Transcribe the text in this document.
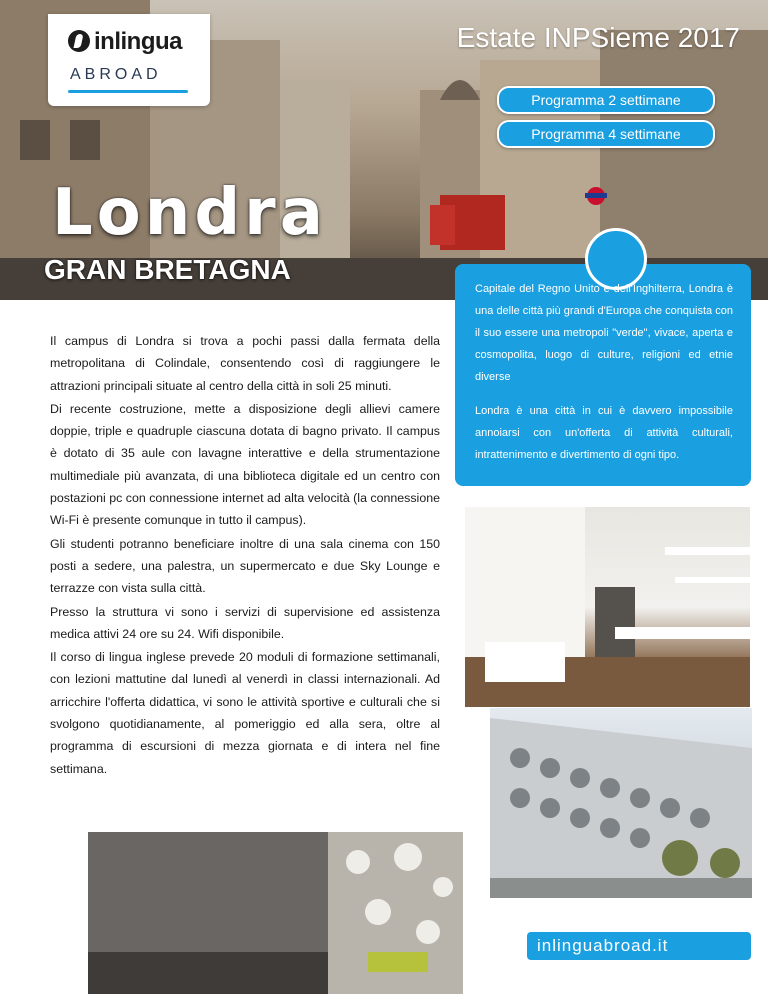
inlingua
ABROAD
Estate INPSieme 2017
Programma 2 settimane
Programma 4 settimane
Londra
GRAN BRETAGNA

Capitale del Regno Unito e dell'Inghilterra, Londra è una delle città più grandi d'Europa che conquista con il suo essere una metropoli "verde", vivace, aperta e cosmopolita, luogo di culture, religioni ed etnie diverse

Londra è una città in cui è davvero impossibile annoiarsi con un'offerta di attività culturali, intrattenimento e divertimento di ogni tipo.

Il campus di Londra si trova a pochi passi dalla fermata della metropolitana di Colindale, consentendo così di raggiungere le attrazioni principali situate al centro della città in soli 25 minuti.

Di recente costruzione, mette a disposizione degli allievi camere doppie, triple e quadruple ciascuna dotata di bagno privato. Il campus è dotato di 35 aule con lavagne interattive e della strumentazione multimediale più avanzata, di una biblioteca digitale ed un centro con postazioni pc con connessione internet ad alta velocità (la connessione Wi-Fi è presente comunque in tutto il campus).

Gli studenti potranno beneficiare inoltre di una sala cinema con 150 posti a sedere, una palestra, un supermercato e due Sky Lounge e terrazze con vista sulla città.

Presso la struttura vi sono i servizi di supervisione ed assistenza medica attivi 24 ore su 24. Wifi disponibile.

Il corso di lingua inglese prevede 20 moduli di formazione settimanali, con lezioni mattutine dal lunedì al venerdì in classi internazionali. Ad arricchire l'offerta didattica, vi sono le attività sportive e culturali che si svolgono quotidianamente, al pomeriggio ed alla sera, oltre al programma di escursioni di mezza giornata e di intera nel fine settimana.

inlinguabroad.it
